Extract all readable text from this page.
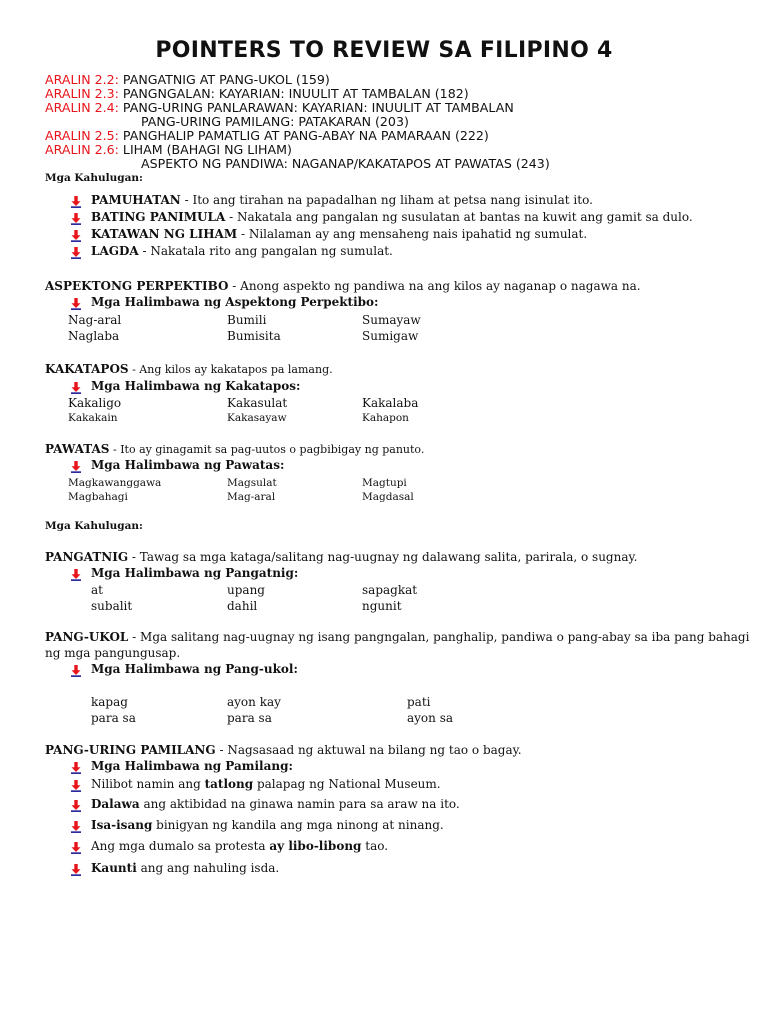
POINTERS TO REVIEW SA FILIPINO 4
ARALIN 2.2: PANGATNIG AT PANG-UKOL (159)
ARALIN 2.3: PANGNGALAN: KAYARIAN: INUULIT AT TAMBALAN (182)
ARALIN 2.4: PANG-URING PANLARAWAN: KAYARIAN: INUULIT AT TAMBALAN
PANG-URING PAMILANG: PATAKARAN (203)
ARALIN 2.5: PANGHALIP PAMATLIG AT PANG-ABAY NA PAMARAAN (222)
ARALIN 2.6: LIHAM (BAHAGI NG LIHAM)
ASPEKTO NG PANDIWA: NAGANAP/KAKATAPOS AT PAWATAS (243)
Mga Kahulugan:
PAMUHATAN - Ito ang tirahan na papadalhan ng liham at petsa nang isinulat ito.
BATING PANIMULA - Nakatala ang pangalan ng susulatan at bantas na kuwit ang gamit sa dulo.
KATAWAN NG LIHAM - Nilalaman ay ang mensaheng nais ipahatid ng sumulat.
LAGDA - Nakatala rito ang pangalan ng sumulat.
ASPEKTONG PERPEKTIBO - Anong aspekto ng pandiwa na ang kilos ay naganap o nagawa na.
Mga Halimbawa ng Aspektong Perpektibo:
Nag-aral	Bumili	Sumayaw
Naglaba	Bumisita	Sumigaw
KAKATAPOS - Ang kilos ay kakatapos pa lamang.
Mga Halimbawa ng Kakatapos:
Kakaligo	Kakasulat	Kakalaba
Kakakain	Kakasayaw	Kahapon
PAWATAS - Ito ay ginagamit sa pag-uutos o pagbibigay ng panuto.
Mga Halimbawa ng Pawatas:
Magkawanggawa	Magsulat	Magtupi
Magbahagi	Mag-aral	Magdasal
Mga Kahulugan:
PANGATNIG - Tawag sa mga kataga/salitang nag-uugnay ng dalawang salita, parirala, o sugnay.
Mga Halimbawa ng Pangatnig:
at	upang	sapagkat
subalit	dahil	ngunit
PANG-UKOL - Mga salitang nag-uugnay ng isang pangngalan, panghalip, pandiwa o pang-abay sa iba pang bahagi
ng mga pangungusap.
Mga Halimbawa ng Pang-ukol:
kapag	ayon kay	pati
para sa	para sa	ayon sa
PANG-URING PAMILANG - Nagsasaad ng aktuwal na bilang ng tao o bagay.
Mga Halimbawa ng Pamilang:
Nilibot namin ang tatlong palapag ng National Museum.
Dalawa ang aktibidad na ginawa namin para sa araw na ito.
Isa-isang binigyan ng kandila ang mga ninong at ninang.
Ang mga dumalo sa protesta ay libo-libong tao.
Kaunti ang ang nahuling isda.
